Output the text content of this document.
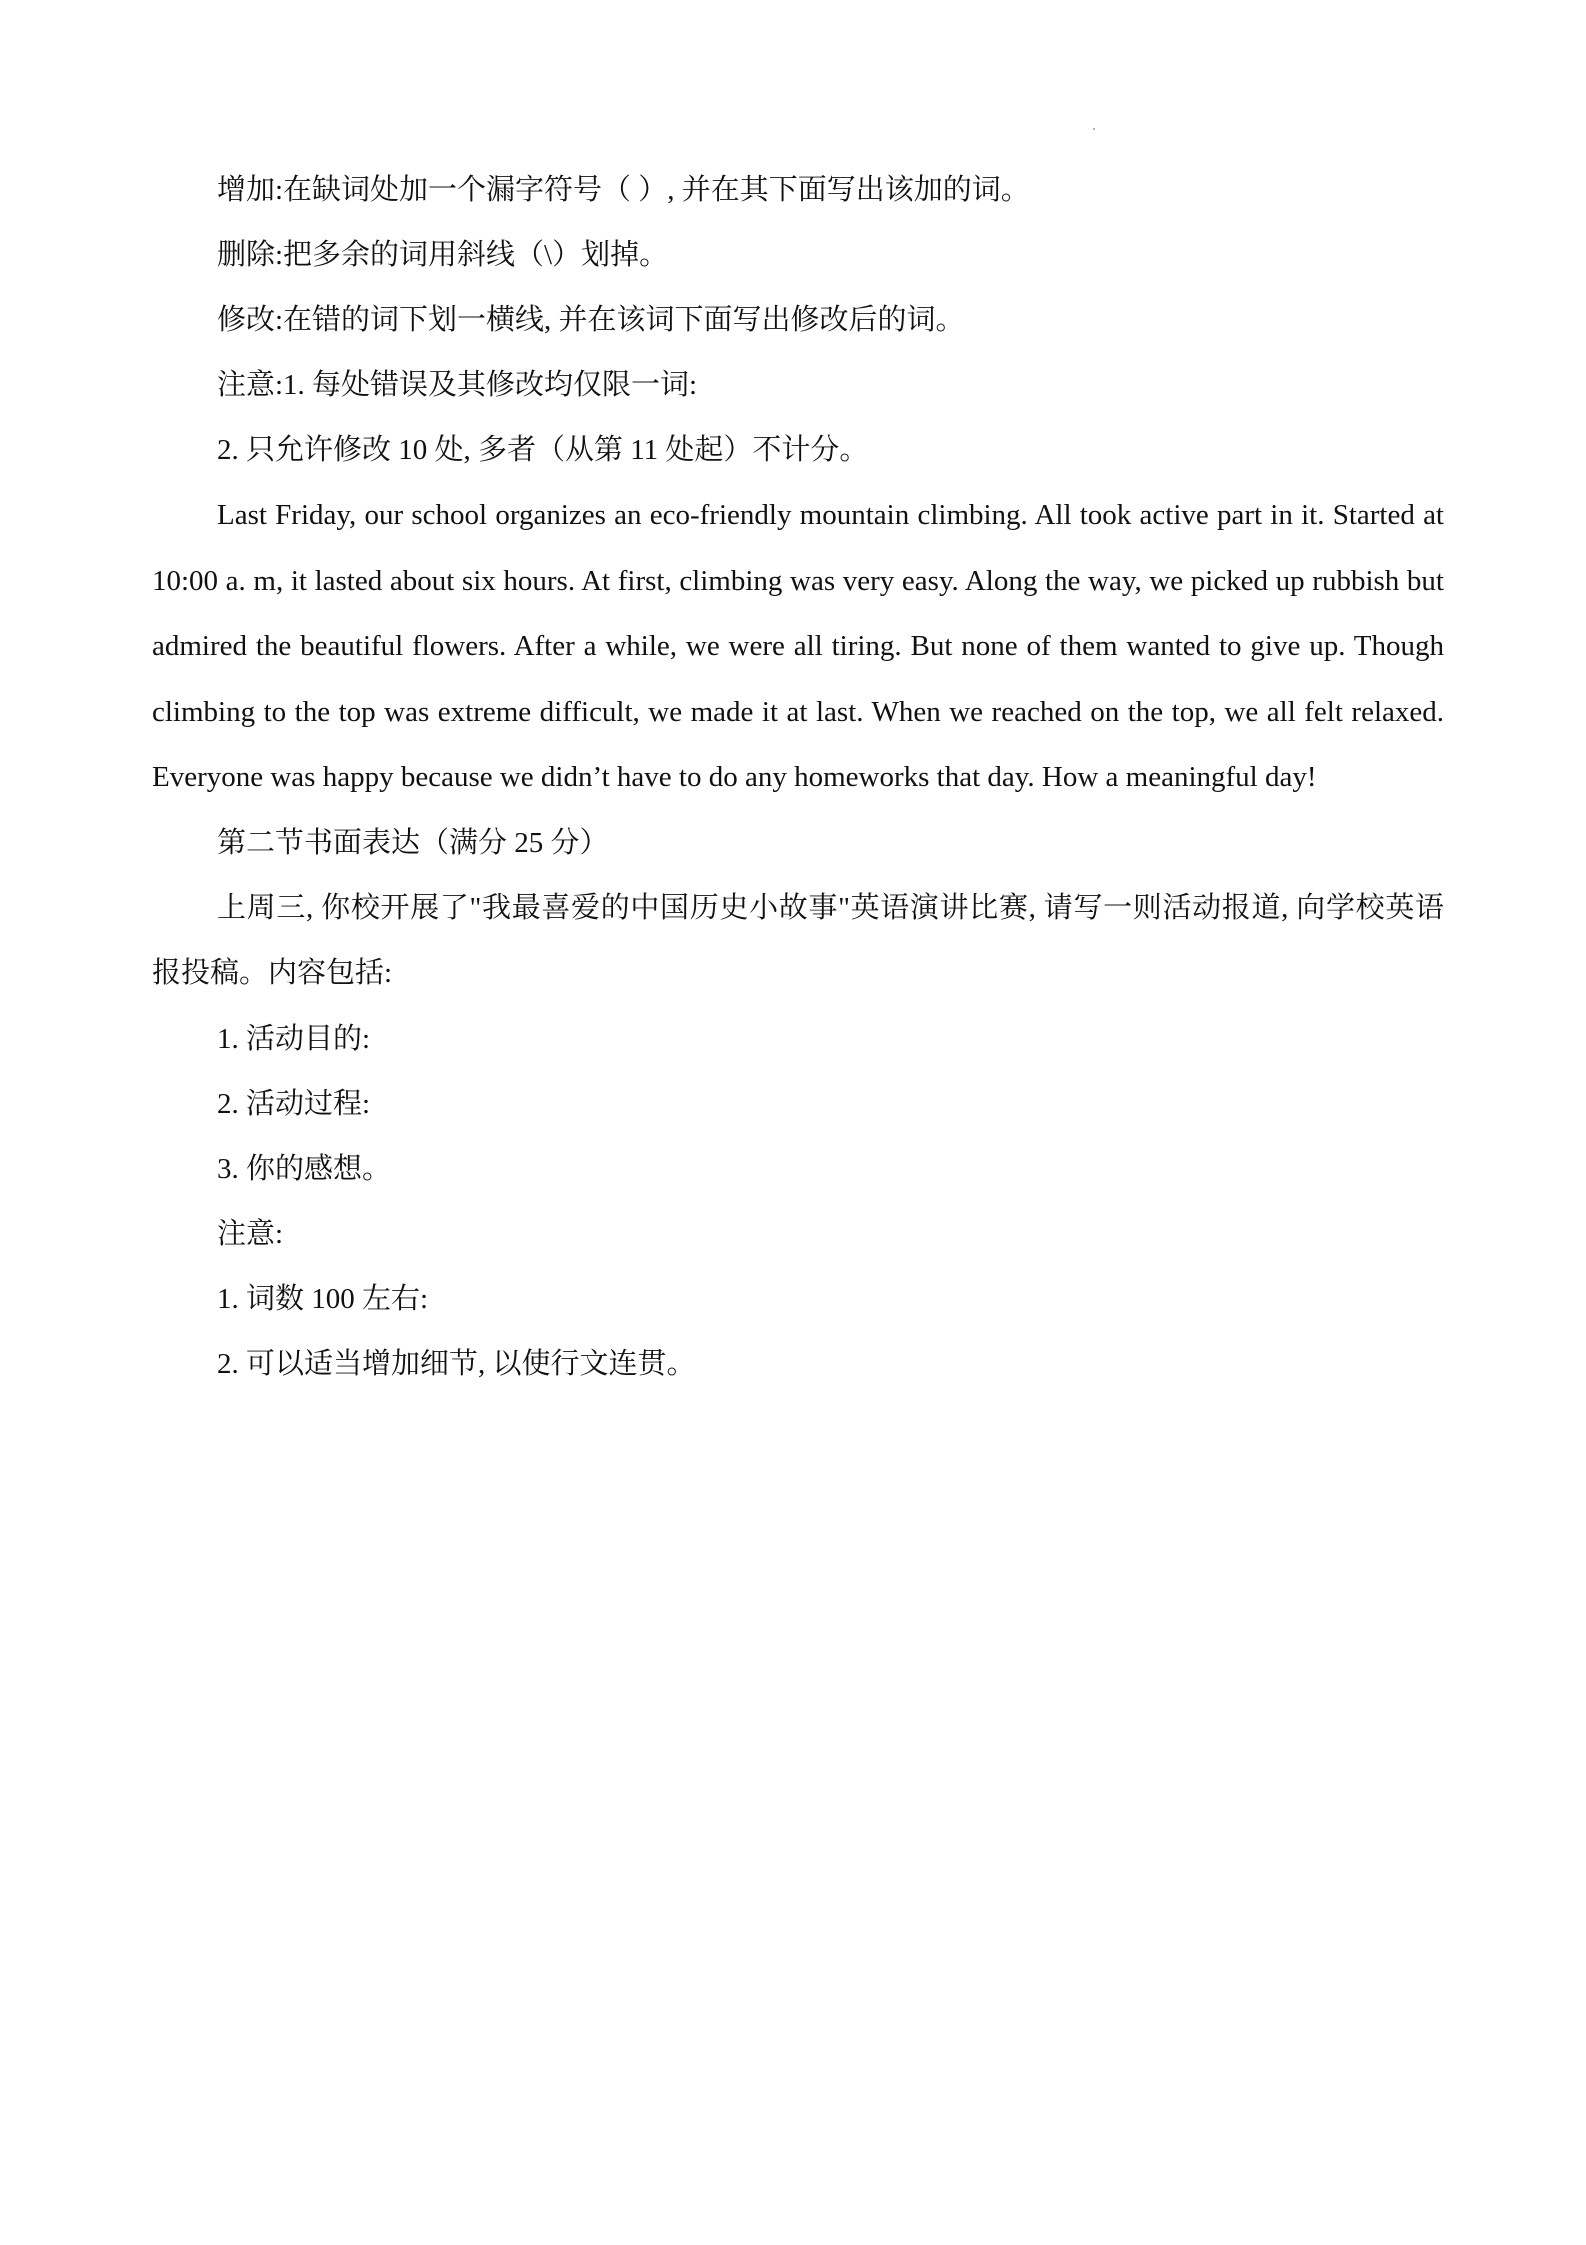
增加:在缺词处加一个漏字符号（ ）, 并在其下面写出该加的词。

删除:把多余的词用斜线（\）划掉。

修改:在错的词下划一横线, 并在该词下面写出修改后的词。

注意:1. 每处错误及其修改均仅限一词:

2. 只允许修改 10 处, 多者（从第 11 处起）不计分。

Last Friday, our school organizes an eco-friendly mountain climbing. All took active part in it. Started at 10:00 a. m, it lasted about six hours. At first, climbing was very easy. Along the way, we picked up rubbish but admired the beautiful flowers. After a while, we were all tiring. But none of them wanted to give up. Though climbing to the top was extreme difficult, we made it at last. When we reached on the top, we all felt relaxed. Everyone was happy because we didn’t have to do any homeworks that day. How a meaningful day!

第二节书面表达（满分 25 分）

上周三, 你校开展了"我最喜爱的中国历史小故事"英语演讲比赛, 请写一则活动报道, 向学校英语报投稿。内容包括:

1. 活动目的:

2. 活动过程:

3. 你的感想。

注意:

1. 词数 100 左右:

2. 可以适当增加细节, 以使行文连贯。
